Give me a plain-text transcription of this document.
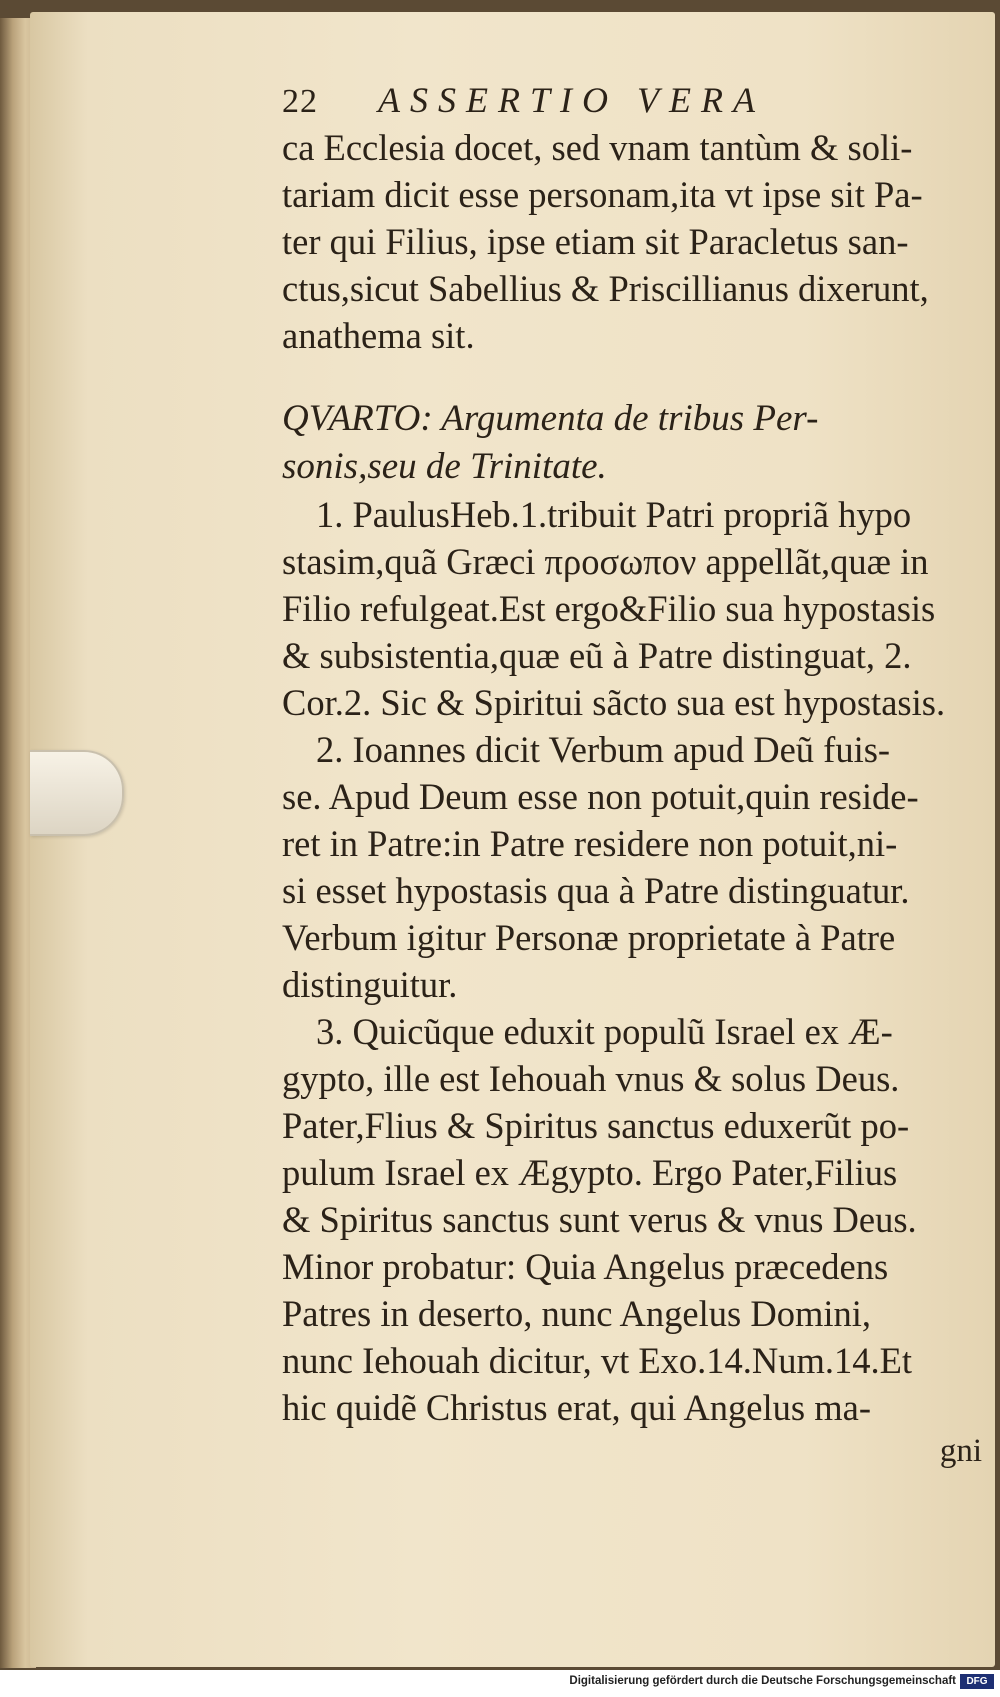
22 ASSERTIO VERA
ca Ecclesia docet, sed vnam tantùm & soli-
tariam dicit esse personam,ita vt ipse sit Pa-
ter qui Filius, ipse etiam sit Paracletus san-
ctus,sicut Sabellius & Priscillianus dixerunt,
anathema sit.
QVARTO: Argumenta de tribus Per-
sonis,seu de Trinitate.
1. PaulusHeb.1.tribuit Patri propriã hypo
stasim,quã Græci προσωπον appellãt,quæ in
Filio refulgeat.Est ergo&Filio sua hypostasis
& subsistentia,quæ eũ à Patre distinguat, 2.
Cor.2. Sic & Spiritui sãcto sua est hypostasis.
2. Ioannes dicit Verbum apud Deũ fuis-
se. Apud Deum esse non potuit,quin reside-
ret in Patre:in Patre residere non potuit,ni-
si esset hypostasis qua à Patre distinguatur.
Verbum igitur Personæ proprietate à Patre
distinguitur.
3. Quicũque eduxit populũ Israel ex Æ-
gypto, ille est Iehouah vnus & solus Deus.
Pater,Flius & Spiritus sanctus eduxerũt po-
pulum Israel ex Ægypto. Ergo Pater,Filius
& Spiritus sanctus sunt verus & vnus Deus.
Minor probatur: Quia Angelus præcedens
Patres in deserto, nunc Angelus Domini,
nunc Iehouah dicitur, vt Exo.14.Num.14.Et
hic quidẽ Christus erat, qui Angelus ma-
gni
Digitalisierung gefördert durch die Deutsche Forschungsgemeinschaft	DFG
